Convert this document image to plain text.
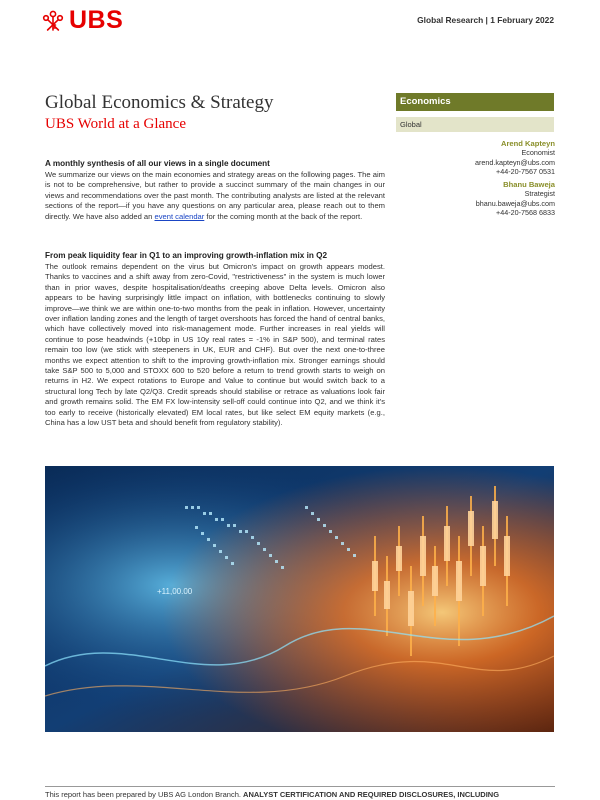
UBS	Global Research | 1 February 2022
Global Economics & Strategy
UBS World at a Glance
Economics
Global
Arend Kapteyn
Economist
arend.kapteyn@ubs.com
+44-20-7567 0531
Bhanu Baweja
Strategist
bhanu.baweja@ubs.com
+44-20-7568 6833
A monthly synthesis of all our views in a single document
We summarize our views on the main economies and strategy areas on the following pages. The aim is not to be comprehensive, but rather to provide a succinct summary of the main changes in our views and recommendations over the past month. The contributing analysts are listed at the relevant sections of the report—if you have any questions on any particular area, please reach out to them directly. We have also added an event calendar for the coming month at the back of the report.
From peak liquidity fear in Q1 to an improving growth-inflation mix in Q2
The outlook remains dependent on the virus but Omicron's impact on growth appears modest. Thanks to vaccines and a shift away from zero-Covid, "restrictiveness" in the system is much lower than in prior waves, despite hospitalisation/deaths creeping above Delta levels. Omicron also appears to be having surprisingly little impact on inflation, with bottlenecks continuing to slowly improve—we think we are within one-to-two months from the peak in inflation. However, uncertainty over inflation landing zones and the length of target overshoots has forced the hand of central banks, which have collectively moved into risk-management mode. Further increases in real yields will continue to pose headwinds (+10bp in US 10y real rates = -1% in S&P 500), and terminal rates remain too low (we stick with steepeners in UK, EUR and CHF). But over the next one-to-three months we expect attention to shift to the improving growth-inflation mix. Stronger earnings should take S&P 500 to 5,000 and STOXX 600 to 520 before a return to trend growth starts to weigh on returns in H2. We expect rotations to Europe and Value to continue but would switch back to a structural long Tech by late Q2/Q3. Credit spreads should stabilise or retrace as valuations look fair and growth remains solid. The EM FX low-intensity sell-off could continue into Q2, and we think it's too early to receive (historically elevated) EM local rates, but like select EM equity markets (e.g., China has a low UST beta and should benefit from regulatory stability).
+11,00.00
This report has been prepared by UBS AG London Branch. ANALYST CERTIFICATION AND REQUIRED DISCLOSURES, INCLUDING
